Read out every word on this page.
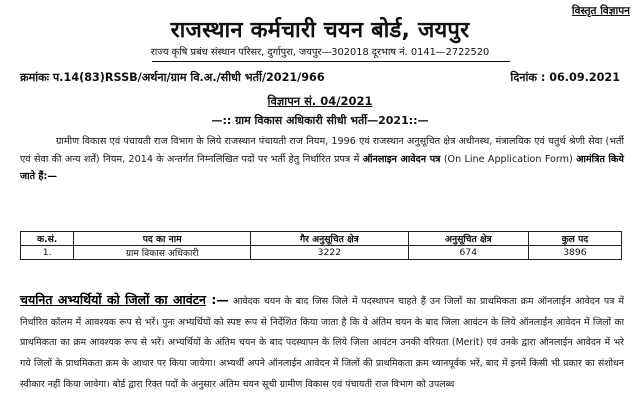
विस्तृत विज्ञापन
राजस्थान कर्मचारी चयन बोर्ड, जयपुर
राज्य कृषि प्रबंध संस्थान परिसर, दुर्गापुरा, जयपुर—302018 दूरभाष नं. 0141—2722520
क्रमांकः प.14(83)RSSB/अर्थना/ग्राम वि.अ./सीधी भर्ती/2021/966	दिनांक : 06.09.2021
विज्ञापन सं. 04/2021
—:: ग्राम विकास अधिकारी सीधी भर्ती—2021::—
ग्रामीण विकास एवं पंचायती राज विभाग के लिये राजस्थान पंचायती राज नियम, 1996 एवं राजस्थान अनुसूचित क्षेत्र अधीनस्थ, मंत्रालयिक एवं चतुर्थ श्रेणी सेवा (भर्ती एवं सेवा की अन्य शर्तें) नियम, 2014 के अन्तर्गत निम्नलिखित पदों पर भर्ती हेतु निर्धारित प्रपत्र में ऑनलाइन आवेदन पत्र (On Line Application Form) आमंत्रित किये जाते हैं:—
क.सं.	पद का नाम	गैर अनुसूचित क्षेत्र	अनुसूचित क्षेत्र	कुल पद
1.	ग्राम विकास अधिकारी	3222	674	3896
चयनित अभ्यर्थियों को जिलों का आवंटन :— आवेदक चयन के बाद जिस जिले में पदस्थापन चाहते हैं उन जिलों का प्राथमिकता क्रम ऑनलाईन आवेदन पत्र में निर्धारित कॉलम में आवश्यक रूप से भरें। पुनः अभ्यर्थियों को स्पष्ट रूप से निर्देशित किया जाता है कि वे अंतिम चयन के बाद जिला आवंटन के लिये ऑनलाईन आवेदन में जिलों का प्राथमिकता का क्रम आवश्यक रूप से भरें। अभ्यर्थियों के अंतिम चयन के बाद पदस्थापन के लिये जिला आवंटन उनकी वरियता (Merit) एवं उनके द्वारा ऑनलाईन आवेदन में भरे गये जिलों के प्राथमिकता क्रम के आधार पर किया जायेगा। अभ्यर्थी अपने ऑनलाईन आवेदन में जिलों की प्राथमिकता क्रम ध्यानपूर्वक भरें, बाद में इनमें किसी भी प्रकार का संशोधन स्वीकार नहीं किया जावेगा। बोर्ड द्वारा रिक्त पदों के अनुसार अंतिम चयन सूची ग्रामीण विकास एवं पंचायती राज विभाग को उपलब्ध
